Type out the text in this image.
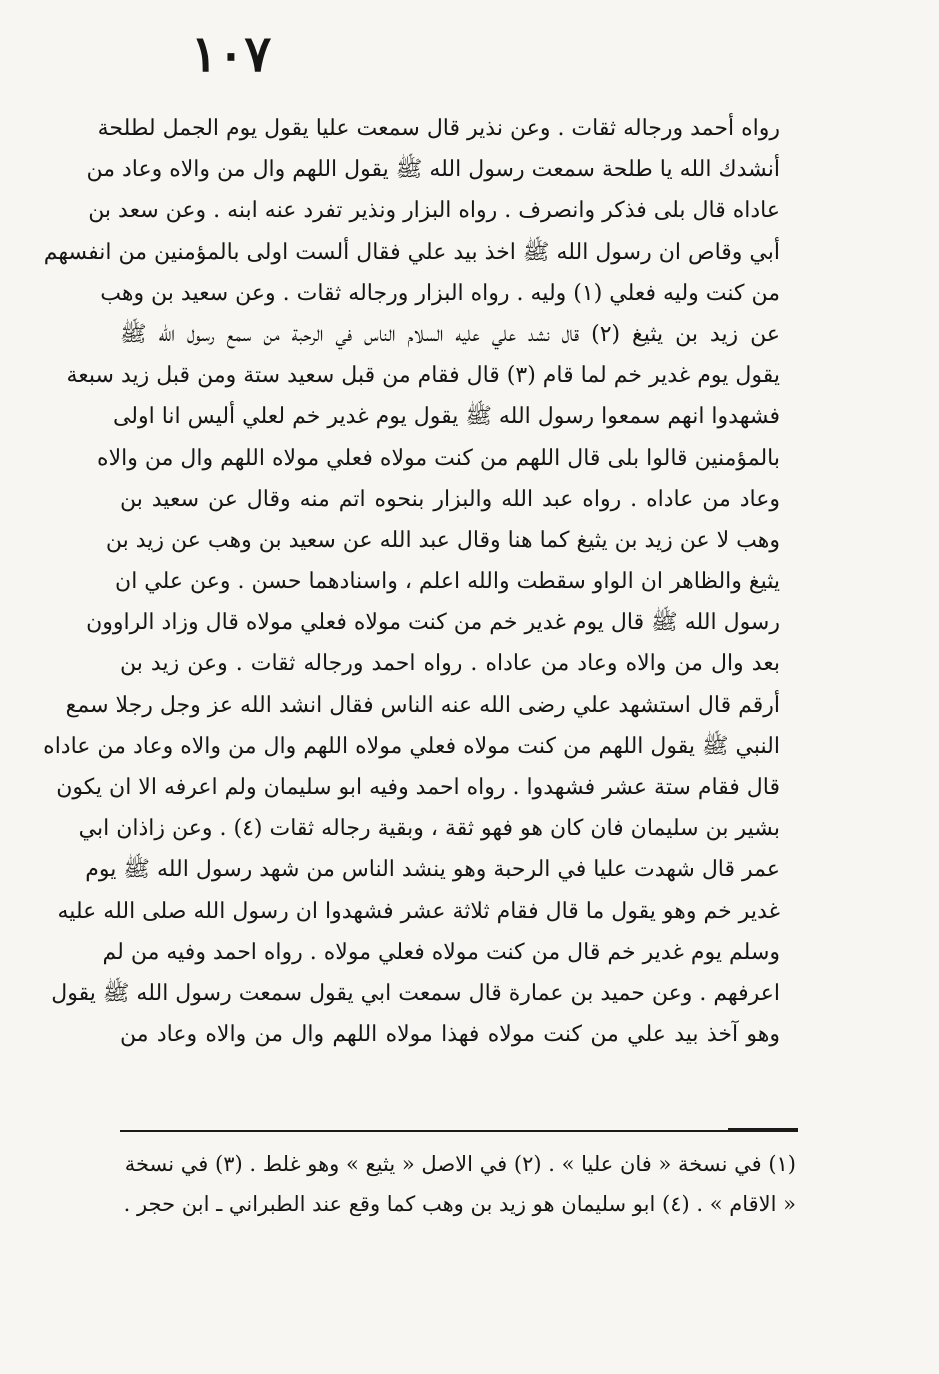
١٠٧
رواه أحمد ورجاله ثقات . وعن نذير قال سمعت عليا يقول يوم الجمل لطلحة
أنشدك الله يا طلحة سمعت رسول الله ﷺ يقول اللهم وال من والاه وعاد من
عاداه قال بلى فذكر وانصرف . رواه البزار ونذير تفرد عنه ابنه . وعن سعد بن
أبي وقاص ان رسول الله ﷺ اخذ بيد علي فقال ألست اولى بالمؤمنين من انفسهم
من كنت وليه فعلي (١) وليه . رواه البزار ورجاله ثقات . وعن سعيد بن وهب
عن زيد بن يثيغ (٢) قال نشد علي عليه السلام الناس في الرحبة من سمع رسول الله ﷺ
يقول يوم غدير خم لما قام (٣) قال فقام من قبل سعيد ستة ومن قبل زيد سبعة
فشهدوا انهم سمعوا رسول الله ﷺ يقول يوم غدير خم لعلي أليس انا اولى
بالمؤمنين قالوا بلى قال اللهم من كنت مولاه فعلي مولاه اللهم وال من والاه
وعاد من عاداه . رواه عبد الله والبزار بنحوه اتم منه وقال عن سعيد بن
وهب لا عن زيد بن يثيغ كما هنا وقال عبد الله عن سعيد بن وهب عن زيد بن
يثيغ والظاهر ان الواو سقطت والله اعلم ، واسنادهما حسن . وعن علي ان
رسول الله ﷺ قال يوم غدير خم من كنت مولاه فعلي مولاه قال وزاد الراوون
بعد وال من والاه وعاد من عاداه . رواه احمد ورجاله ثقات . وعن زيد بن
أرقم قال استشهد علي رضى الله عنه الناس فقال انشد الله عز وجل رجلا سمع
النبي ﷺ يقول اللهم من كنت مولاه فعلي مولاه اللهم وال من والاه وعاد من عاداه
قال فقام ستة عشر فشهدوا . رواه احمد وفيه ابو سليمان ولم اعرفه الا ان يكون
بشير بن سليمان فان كان هو فهو ثقة ، وبقية رجاله ثقات (٤) . وعن زاذان ابي
عمر قال شهدت عليا في الرحبة وهو ينشد الناس من شهد رسول الله ﷺ يوم
غدير خم وهو يقول ما قال فقام ثلاثة عشر فشهدوا ان رسول الله صلى الله عليه
وسلم يوم غدير خم قال من كنت مولاه فعلي مولاه . رواه احمد وفيه من لم
اعرفهم . وعن حميد بن عمارة قال سمعت ابي يقول سمعت رسول الله ﷺ يقول
وهو آخذ بيد علي من كنت مولاه فهذا مولاه اللهم وال من والاه وعاد من
(١) في نسخة « فان عليا » . (٢) في الاصل « يثيع » وهو غلط . (٣) في نسخة
« الاقام » . (٤) ابو سليمان هو زيد بن وهب كما وقع عند الطبراني ـ ابن حجر .
